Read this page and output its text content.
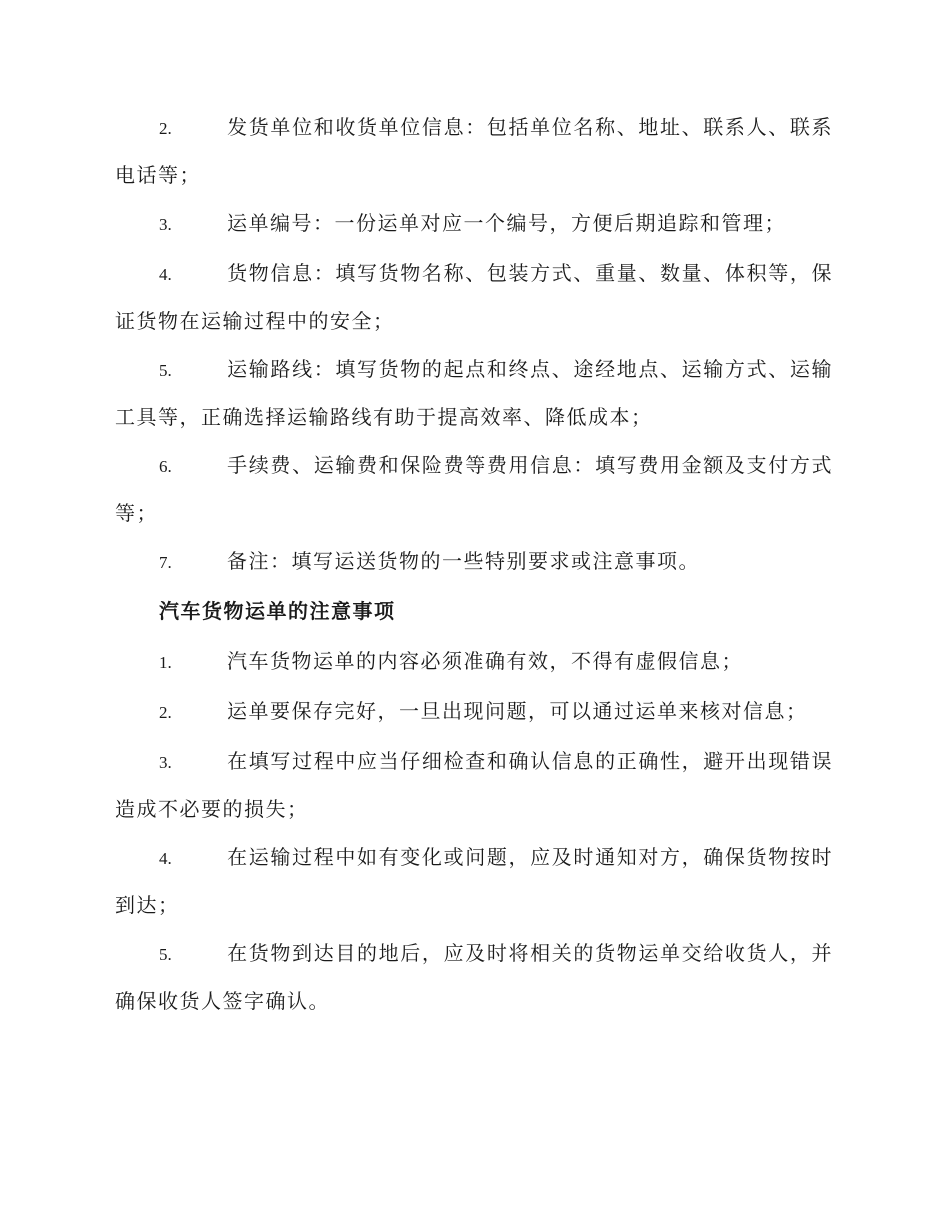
2.	发货单位和收货单位信息：包括单位名称、地址、联系人、联系电话等；

3.	运单编号：一份运单对应一个编号，方便后期追踪和管理；

4.	货物信息：填写货物名称、包装方式、重量、数量、体积等，保证货物在运输过程中的安全；

5.	运输路线：填写货物的起点和终点、途经地点、运输方式、运输工具等，正确选择运输路线有助于提高效率、降低成本；

6.	手续费、运输费和保险费等费用信息：填写费用金额及支付方式等；

7.	备注：填写运送货物的一些特别要求或注意事项。

汽车货物运单的注意事项

1.	汽车货物运单的内容必须准确有效，不得有虚假信息；

2.	运单要保存完好，一旦出现问题，可以通过运单来核对信息；

3.	在填写过程中应当仔细检查和确认信息的正确性，避开出现错误造成不必要的损失；

4.	在运输过程中如有变化或问题，应及时通知对方，确保货物按时到达；

5.	在货物到达目的地后，应及时将相关的货物运单交给收货人，并确保收货人签字确认。
